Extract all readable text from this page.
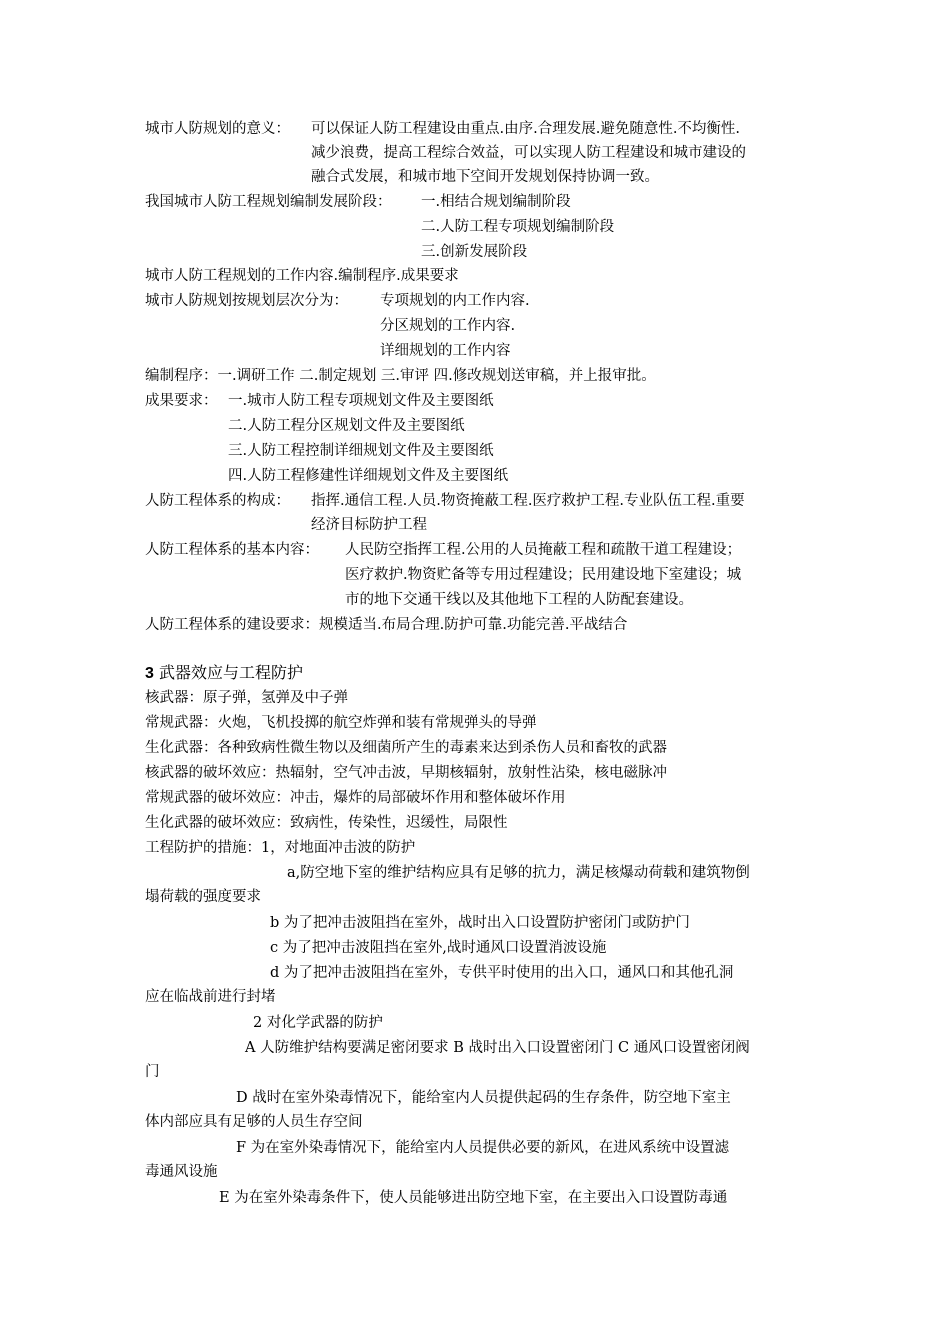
城市人防规划的意义： 可以保证人防工程建设由重点.由序.合理发展.避免随意性.不均衡性.
减少浪费，提高工程综合效益，可以实现人防工程建设和城市建设的
融合式发展，和城市地下空间开发规划保持协调一致。
我国城市人防工程规划编制发展阶段： 一.相结合规划编制阶段
二.人防工程专项规划编制阶段
三.创新发展阶段
城市人防工程规划的工作内容.编制程序.成果要求
城市人防规划按规划层次分为： 专项规划的内工作内容.
分区规划的工作内容.
详细规划的工作内容
编制程序：一.调研工作 二.制定规划 三.审评 四.修改规划送审稿，并上报审批。
成果要求： 一.城市人防工程专项规划文件及主要图纸
二.人防工程分区规划文件及主要图纸
三.人防工程控制详细规划文件及主要图纸
四.人防工程修建性详细规划文件及主要图纸
人防工程体系的构成： 指挥.通信工程.人员.物资掩蔽工程.医疗救护工程.专业队伍工程.重要
经济目标防护工程
人防工程体系的基本内容： 人民防空指挥工程.公用的人员掩蔽工程和疏散干道工程建设；
医疗救护.物资贮备等专用过程建设；民用建设地下室建设；城
市的地下交通干线以及其他地下工程的人防配套建设。
人防工程体系的建设要求：规模适当.布局合理.防护可靠.功能完善.平战结合
3 武器效应与工程防护
核武器：原子弹，氢弹及中子弹
常规武器：火炮，飞机投掷的航空炸弹和装有常规弹头的导弹
生化武器：各种致病性微生物以及细菌所产生的毒素来达到杀伤人员和畜牧的武器
核武器的破坏效应：热辐射，空气冲击波，早期核辐射，放射性沾染，核电磁脉冲
常规武器的破坏效应：冲击，爆炸的局部破坏作用和整体破坏作用
生化武器的破坏效应：致病性，传染性，迟缓性，局限性
工程防护的措施：1，对地面冲击波的防护
a,防空地下室的维护结构应具有足够的抗力，满足核爆动荷载和建筑物倒
塌荷载的强度要求
b 为了把冲击波阻挡在室外，战时出入口设置防护密闭门或防护门
c 为了把冲击波阻挡在室外,战时通风口设置消波设施
d 为了把冲击波阻挡在室外，专供平时使用的出入口，通风口和其他孔洞
应在临战前进行封堵
2 对化学武器的防护
A 人防维护结构要满足密闭要求 B 战时出入口设置密闭门 C 通风口设置密闭阀
门
D 战时在室外染毒情况下，能给室内人员提供起码的生存条件，防空地下室主
体内部应具有足够的人员生存空间
F 为在室外染毒情况下，能给室内人员提供必要的新风，在进风系统中设置滤
毒通风设施
E 为在室外染毒条件下，使人员能够进出防空地下室，在主要出入口设置防毒通
